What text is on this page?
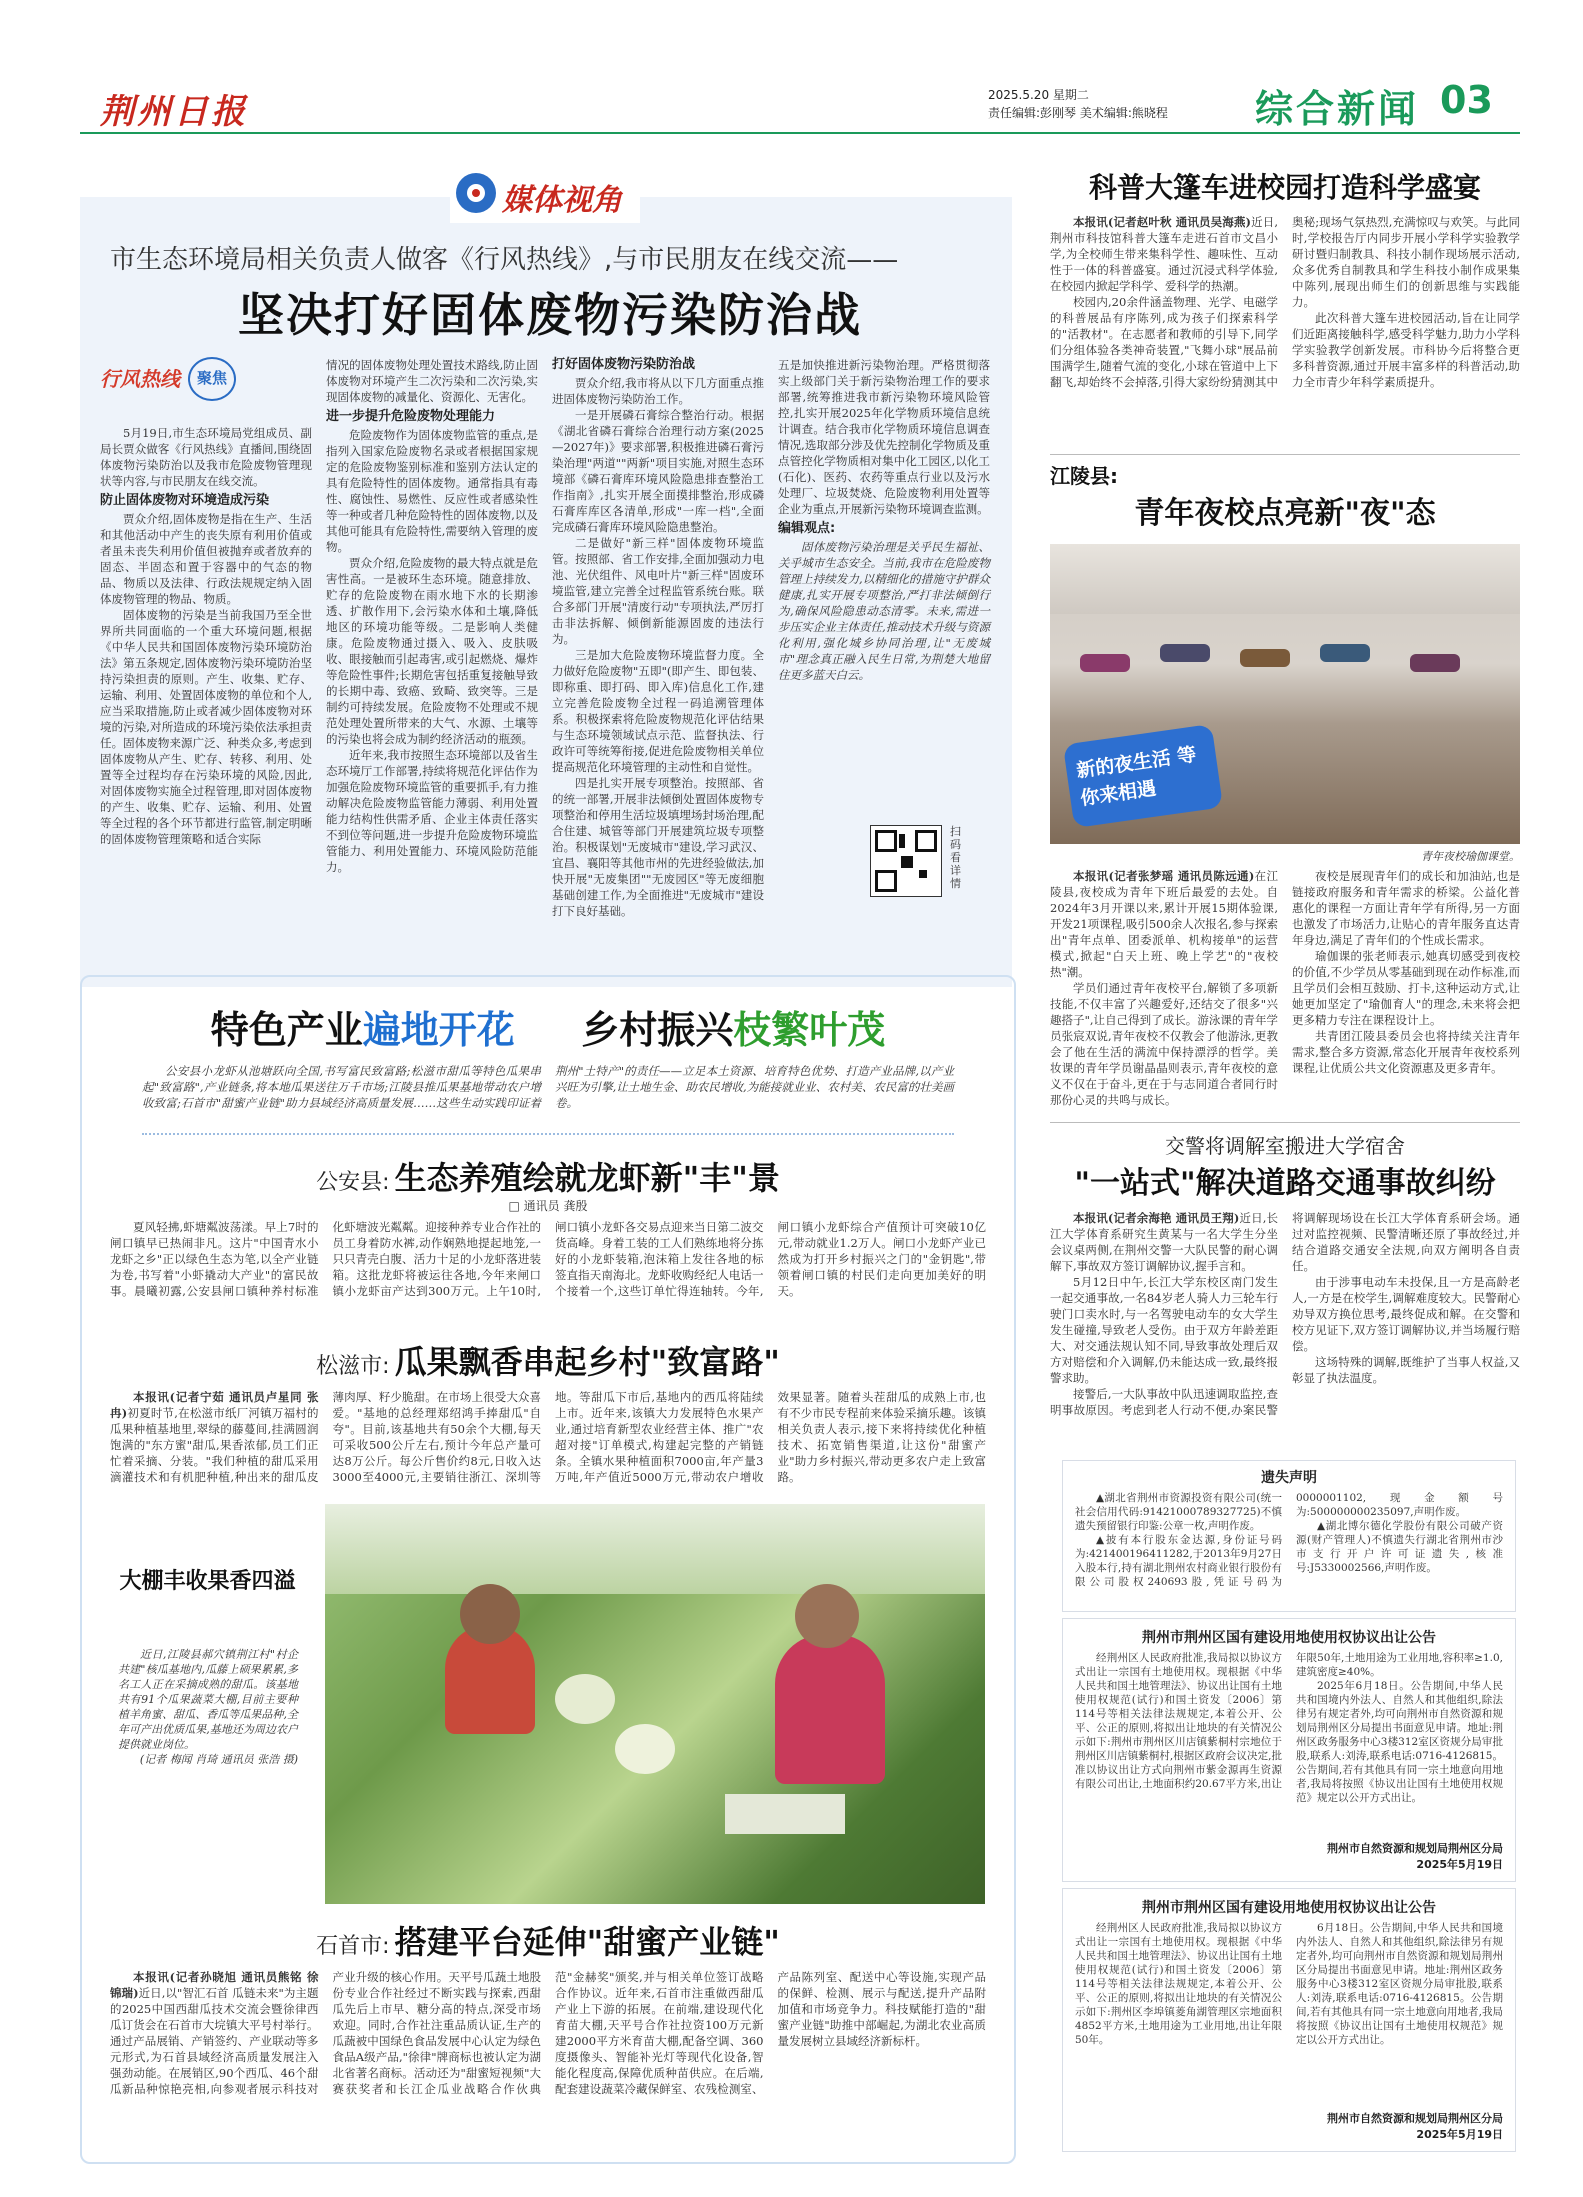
荆州日报	2025.5.20 星期二
责任编辑:彭刚琴 美术编辑:熊晓程 综合新闻 03
媒体视角
市生态环境局相关负责人做客《行风热线》,与市民朋友在线交流——
坚决打好固体废物污染防治战
行风热线	聚焦

5月19日,市生态环境局党组成员、副局长贾众做客《行风热线》直播间,围绕固体废物污染防治以及我市危险废物管理现状等内容,与市民朋友在线交流。

防止固体废物对环境造成污染

贾众介绍,固体废物是指在生产、生活和其他活动中产生的丧失原有利用价值或者虽未丧失利用价值但被抛弃或者放弃的固态、半固态和置于容器中的气态的物品、物质以及法律、行政法规规定纳入固体废物管理的物品、物质。

固体废物的污染是当前我国乃至全世界所共同面临的一个重大环境问题,根据《中华人民共和国固体废物污染环境防治法》第五条规定,固体废物污染环境防治坚持污染担责的原则。产生、收集、贮存、运输、利用、处置固体废物的单位和个人,应当采取措施,防止或者减少固体废物对环境的污染,对所造成的环境污染依法承担责任。固体废物来源广泛、种类众多,考虑到固体废物从产生、贮存、转移、利用、处置等全过程均存在污染环境的风险,因此,对固体废物实施全过程管理,即对固体废物的产生、收集、贮存、运输、利用、处置等全过程的各个环节都进行监管,制定明晰的固体废物管理策略和适合实际

情况的固体废物处理处置技术路线,防止固体废物对环境产生二次污染和二次污染,实现固体废物的减量化、资源化、无害化。

进一步提升危险废物处理能力

危险废物作为固体废物监管的重点,是指列入国家危险废物名录或者根据国家规定的危险废物鉴别标准和鉴别方法认定的具有危险特性的固体废物。通常指具有毒性、腐蚀性、易燃性、反应性或者感染性等一种或者几种危险特性的固体废物,以及其他可能具有危险特性,需要纳入管理的废物。

贾众介绍,危险废物的最大特点就是危害性高。一是被环生态环境。随意排放、贮存的危险废物在雨水地下水的长期渗透、扩散作用下,会污染水体和土壤,降低地区的环境功能等级。二是影响人类健康。危险废物通过摄入、吸入、皮肤吸收、眼接触而引起毒害,或引起燃烧、爆炸等危险性事件;长期危害包括重复接触导致的长期中毒、致癌、致畸、致突等。三是制约可持续发展。危险废物不处理或不规范处理处置所带来的大气、水源、土壤等的污染也将会成为制约经济活动的瓶颈。

近年来,我市按照生态环境部以及省生态环境厅工作部署,持续将规范化评估作为加强危险废物环境监管的重要抓手,有力推动解决危险废物监管能力薄弱、利用处置能力结构性供需矛盾、企业主体责任落实不到位等问题,进一步提升危险废物环境监管能力、利用处置能力、环境风险防范能力。

打好固体废物污染防治战

贾众介绍,我市将从以下几方面重点推进固体废物污染防治工作。

一是开展磷石膏综合整治行动。根据《湖北省磷石膏综合治理行动方案(2025—2027年)》要求部署,积极推进磷石膏污染治理"两道""两新"项目实施,对照生态环境部《磷石膏库环境风险隐患排查整治工作指南》,扎实开展全面摸排整治,形成磷石膏库库区各清单,形成"一库一档",全面完成磷石膏库环境风险隐患整治。

二是做好"新三样"固体废物环境监管。按照部、省工作安排,全面加强动力电池、光伏组件、风电叶片"新三样"固废环境监管,建立完善全过程监管系统台账。联合多部门开展"清废行动"专项执法,严厉打击非法拆解、倾倒新能源固废的违法行为。

三是加大危险废物环境监督力度。全力做好危险废物"五即"(即产生、即包装、即称重、即打码、即入库)信息化工作,建立完善危险废物全过程一码追溯管理体系。积极探索将危险废物规范化评估结果与生态环境领域试点示范、监督执法、行政许可等统筹衔接,促进危险废物相关单位提高规范化环境管理的主动性和自觉性。

四是扎实开展专项整治。按照部、省的统一部署,开展非法倾倒处置固体废物专项整治和停用生活垃圾填埋场封场治理,配合住建、城管等部门开展建筑垃圾专项整治。积极谋划"无废城市"建设,学习武汉、宜昌、襄阳等其他市州的先进经验做法,加快开展"无废集团""无废园区"等无废细胞基础创建工作,为全面推进"无废城市"建设打下良好基础。

五是加快推进新污染物治理。严格贯彻落实上级部门关于新污染物治理工作的要求部署,统筹推进我市新污染物环境风险管控,扎实开展2025年化学物质环境信息统计调查。结合我市化学物质环境信息调查情况,选取部分涉及优先控制化学物质及重点管控化学物质相对集中化工园区,以化工(石化)、医药、农药等重点行业以及污水处理厂、垃圾焚烧、危险废物利用处置等企业为重点,开展新污染物环境调查监测。

编辑观点:

固体废物污染治理是关乎民生福祉、关乎城市生态安全。当前,我市在危险废物管理上持续发力,以精细化的措施守护群众健康,扎实开展专项整治,严打非法倾倒行为,确保风险隐患动态清零。未来,需进一步压实企业主体责任,推动技术升级与资源化利用,强化城乡协同治理,让"无废城市"理念真正融入民生日常,为荆楚大地留住更多蓝天白云。

扫码看详情
科普大篷车进校园打造科学盛宴

本报讯(记者赵叶秋 通讯员吴海燕)近日,荆州市科技馆科普大篷车走进石首市文昌小学,为全校师生带来集科学性、趣味性、互动性于一体的科普盛宴。通过沉浸式科学体验,在校园内掀起学科学、爱科学的热潮。

校园内,20余件涵盖物理、光学、电磁学的科普展品有序陈列,成为孩子们探索科学的"活教材"。在志愿者和教师的引导下,同学们分组体验各类神奇装置,"飞舞小球"展品前围满学生,随着气流的变化,小球在管道中上下翻飞,却始终不会掉落,引得大家纷纷猜测其中奥秘;现场气氛热烈,充满惊叹与欢笑。与此同时,学校报告厅内同步开展小学科学实验教学研讨暨归制教具、科技小制作现场展示活动,众多优秀自制教具和学生科技小制作成果集中陈列,展现出师生们的创新思维与实践能力。

此次科普大篷车进校园活动,旨在让同学们近距离接触科学,感受科学魅力,助力小学科学实验教学创新发展。市科协今后将整合更多科普资源,通过开展丰富多样的科普活动,助力全市青少年科学素质提升。

江陵县:
青年夜校点亮新"夜"态
新的夜生活 等你来相遇
青年夜校瑜伽课堂。

本报讯(记者张梦瑶 通讯员陈远通)在江陵县,夜校成为青年下班后最爱的去处。自2024年3月开课以来,累计开展15期体验课,开发21项课程,吸引500余人次报名,参与探索出"青年点单、团委派单、机构接单"的运营模式,掀起"白天上班、晚上学艺"的"夜校热"潮。

学员们通过青年夜校平台,解锁了多项新技能,不仅丰富了兴趣爱好,还结交了很多"兴趣搭子",让自己得到了成长。游泳课的青年学员张宸双说,青年夜校不仅教会了他游泳,更教会了他在生活的满流中保持漂浮的哲学。美妆课的青年学员谢晶晶则表示,青年夜校的意义不仅在于奋斗,更在于与志同道合者同行时那份心灵的共鸣与成长。

夜校是展现青年们的成长和加油站,也是链接政府服务和青年需求的桥梁。公益化普惠化的课程一方面让青年学有所得,另一方面也激发了市场活力,让贴心的青年服务直达青年身边,满足了青年们的个性成长需求。

瑜伽课的张老师表示,她真切感受到夜校的价值,不少学员从零基础到现在动作标准,而且学员们会相互鼓励、打卡,这种运动方式,让她更加坚定了"瑜伽育人"的理念,未来将会把更多精力专注在课程设计上。

共青团江陵县委员会也将持续关注青年需求,整合多方资源,常态化开展青年夜校系列课程,让优质公共文化资源惠及更多青年。

交警将调解室搬进大学宿舍
"一站式"解决道路交通事故纠纷

本报讯(记者余海艳 通讯员王翔)近日,长江大学体育系研究生黄某与一名大学生分坐会议桌两侧,在荆州交警一大队民警的耐心调解下,事故双方签订调解协议,握手言和。

5月12日中午,长江大学东校区南门发生一起交通事故,一名84岁老人骑人力三轮车行驶门口卖水时,与一名驾驶电动车的女大学生发生碰撞,导致老人受伤。由于双方年龄差距大、对交通法规认知不同,导致事故处理后双方对赔偿和介入调解,仍未能达成一致,最终报警求助。

接警后,一大队事故中队迅速调取监控,查明事故原因。考虑到老人行动不便,办案民警将调解现场设在长江大学体育系研会场。通过对监控视频、民警清晰还原了事故经过,并结合道路交通安全法规,向双方阐明各自责任。

由于涉事电动车未投保,且一方是高龄老人,一方是在校学生,调解难度较大。民警耐心劝导双方换位思考,最终促成和解。在交警和校方见证下,双方签订调解协议,并当场履行赔偿。

这场特殊的调解,既维护了当事人权益,又彰显了执法温度。

遗失声明

▲湖北省荆州市资源投资有限公司(统一社会信用代码:91421000789327725)不慎遗失预留银行印鉴:公章一枚,声明作废。

▲披有本行股东金达源,身份证号码为:421400196411282,于2013年9月27日入股本行,持有湖北荆州农村商业银行股份有限公司股权240693股,凭证号码为0000001102,现金额号为:500000000235097,声明作废。

▲湖北博尔德化学股份有限公司破产资源(财产管理人)不慎遗失行湖北省荆州市沙市支行开户许可证遗失,核准号:J5330002566,声明作废。

荆州市荆州区国有建设用地使用权协议出让公告

经荆州区人民政府批准,我局拟以协议方式出让一宗国有土地使用权。现根据《中华人民共和国土地管理法》、协议出让国有土地使用权规范(试行)和国土资发〔2006〕第114号等相关法律法规规定,本着公开、公平、公正的原则,将拟出让地块的有关情况公示如下:荆州市荆州区川店镇紫桐村宗地位于荆州区川店镇紫桐村,根据区政府会议决定,批准以协议出让方式向荆州市紫金源再生资源有限公司出让,土地面积约20.67平方米,出让年限50年,土地用途为工业用地,容积率≥1.0,建筑密度≥40%。

2025年6月18日。公告期间,中华人民共和国境内外法人、自然人和其他组织,除法律另有规定者外,均可向荆州市自然资源和规划局荆州区分局提出书面意见申请。地址:荆州区政务服务中心3楼312室区资规分局审批股,联系人:刘涛,联系电话:0716-4126815。公告期间,若有其他具有同一宗土地意向用地者,我局将按照《协议出让国有土地使用权规范》规定以公开方式出让。

荆州市自然资源和规划局荆州区分局
2025年5月19日
荆州市荆州区国有建设用地使用权协议出让公告

经荆州区人民政府批准,我局拟以协议方式出让一宗国有土地使用权。现根据《中华人民共和国土地管理法》、协议出让国有土地使用权规范(试行)和国土资发〔2006〕第114号等相关法律法规规定,本着公开、公平、公正的原则,将拟出让地块的有关情况公示如下:荆州区李埠镇菱角湖管理区宗地面积4852平方米,土地用途为工业用地,出让年限50年。

6月18日。公告期间,中华人民共和国境内外法人、自然人和其他组织,除法律另有规定者外,均可向荆州市自然资源和规划局荆州区分局提出书面意见申请。地址:荆州区政务服务中心3楼312室区资规分局审批股,联系人:刘涛,联系电话:0716-4126815。公告期间,若有其他具有同一宗土地意向用地者,我局将按照《协议出让国有土地使用权规范》规定以公开方式出让。

荆州市自然资源和规划局荆州区分局
2025年5月19日
特色产业遍地开花 乡村振兴枝繁叶茂

公安县小龙虾从池塘跃向全国,书写富民致富路;松滋市甜瓜等特色瓜果串起"致富路",产业链条,将本地瓜果送往万千市场;江陵县推瓜果基地带动农户增收致富;石首市"甜蜜产业链"助力县域经济高质量发展……这些生动实践印证着荆州"土特产"的责任——立足本土资源、培育特色优势、打造产业品牌,以产业兴旺为引擎,让土地生金、助农民增收,为能接就业业、农村美、农民富的壮美画卷。

公安县: 生态养殖绘就龙虾新"丰"景
□ 通讯员 龚殷

夏风轻拂,虾塘粼波荡漾。早上7时的闸口镇早已热闹非凡。这片"中国青水小龙虾之乡"正以绿色生态为笔,以全产业链为卷,书写着"小虾撬动大产业"的富民故事。晨曦初露,公安县闸口镇种养村标准化虾塘波光粼粼。迎接种养专业合作社的员工身着防水裤,动作娴熟地提起地笼,一只只青壳白腹、活力十足的小龙虾落进装箱。这批龙虾将被运往各地,今年来闸口镇小龙虾亩产达到300万元。上午10时,闸口镇小龙虾各交易点迎来当日第二波交货高峰。身着工装的工人们熟练地将分拣好的小龙虾装箱,泡沫箱上发往各地的标签直指天南海北。龙虾收购经纪人电话一个接着一个,这些订单忙得连轴转。今年,闸口镇小龙虾综合产值预计可突破10亿元,带动就业1.2万人。闸口小龙虾产业已然成为打开乡村振兴之门的"金钥匙",带领着闸口镇的村民们走向更加美好的明天。

松滋市: 瓜果飘香串起乡村"致富路"

本报讯(记者宁茹 通讯员卢星同 张冉)初夏时节,在松滋市纸厂河镇万福村的瓜果种植基地里,翠绿的藤蔓间,挂满圆润饱满的"东方蜜"甜瓜,果香浓郁,员工们正忙着采摘、分装。"我们种植的甜瓜采用滴灌技术和有机肥种植,种出来的甜瓜皮薄肉厚、籽少脆甜。在市场上很受大众喜爱。"基地的总经理郑绍鸿手捧甜瓜"自夸"。目前,该基地共有50余个大棚,每天可采收500公斤左右,预计今年总产量可达8万公斤。每公斤售价约8元,日收入达3000至4000元,主要销往浙江、深圳等地。等甜瓜下市后,基地内的西瓜将陆续上市。近年来,该镇大力发展特色水果产业,通过培育新型农业经营主体、推广"农超对接"订单模式,构建起完整的产销链条。全镇水果种植面积7000亩,年产量3万吨,年产值近5000万元,带动农户增收效果显著。随着头茬甜瓜的成熟上市,也有不少市民专程前来体验采摘乐趣。该镇相关负责人表示,接下来将持续优化种植技术、拓宽销售渠道,让这份"甜蜜产业"助力乡村振兴,带动更多农户走上致富路。

大棚丰收果香四溢

近日,江陵县郝穴镇荆江村"村企共建"核瓜基地内,瓜藤上硕果累累,多名工人正在采摘成熟的甜瓜。该基地共有91个瓜果蔬菜大棚,目前主要种植羊角蜜、甜瓜、香瓜等瓜果品种,全年可产出优质瓜果,基地还为周边农户提供就业岗位。

(记者 梅闻 肖琦 通讯员 张浩 摄)

石首市: 搭建平台延伸"甜蜜产业链"

本报讯(记者孙晓旭 通讯员熊铭 徐锦瑞)近日,以"智汇石首 瓜链未来"为主题的2025中国西甜瓜技术交流会暨徐律西瓜订货会在石首市大垸镇大平号村举行。通过产品展销、产销签约、产业联动等多元形式,为石首县域经济高质量发展注入强劲动能。在展销区,90个西瓜、46个甜瓜新品种惊艳亮相,向参观者展示科技对产业升级的核心作用。天平号瓜蔬土地股份专业合作社经过不断实践与探索,西甜瓜先后上市早、糖分高的特点,深受市场欢迎。同时,合作社注重品质认证,生产的瓜蔬被中国绿色食品发展中心认定为绿色食品A级产品,"徐律"牌商标也被认定为湖北省著名商标。活动还为"甜蜜短视频"大赛获奖者和长江企瓜业战略合作伙典范"金赫奖"颁奖,并与相关单位签订战略合作协议。近年来,石首市注重做西甜瓜产业上下游的拓展。在前端,建设现代化育苗大棚,天平号合作社拉资100万元新建2000平方米育苗大棚,配备空调、360度摄像头、智能补光灯等现代化设备,智能化程度高,保障优质种苗供应。在后端,配套建设蔬菜冷藏保鲜室、农残检测室、产品陈列室、配送中心等设施,实现产品的保鲜、检测、展示与配送,提升产品附加值和市场竞争力。科技赋能打造的"甜蜜产业链"助推中部崛起,为湖北农业高质量发展树立县域经济新标杆。
